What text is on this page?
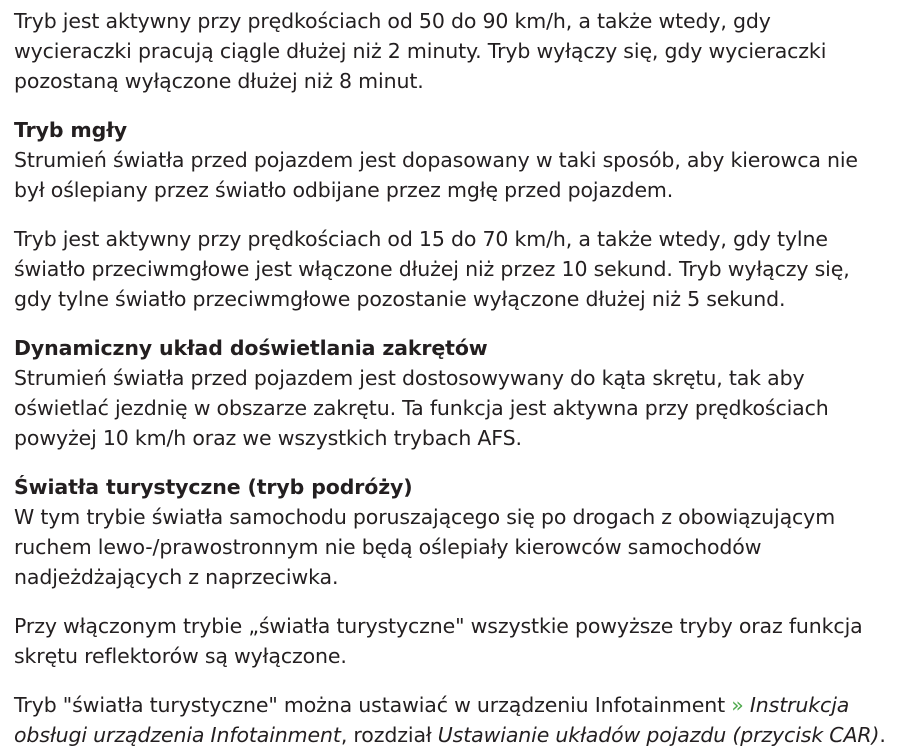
Tryb jest aktywny przy prędkościach od 50 do 90 km/h, a także wtedy, gdy wycieraczki pracują ciągle dłużej niż 2 minuty. Tryb wyłączy się, gdy wycieraczki pozostaną wyłączone dłużej niż 8 minut.

Tryb mgły

Strumień światła przed pojazdem jest dopasowany w taki sposób, aby kierowca nie był oślepiany przez światło odbijane przez mgłę przed pojazdem.

Tryb jest aktywny przy prędkościach od 15 do 70 km/h, a także wtedy, gdy tylne światło przeciwmgłowe jest włączone dłużej niż przez 10 sekund. Tryb wyłączy się, gdy tylne światło przeciwmgłowe pozostanie wyłączone dłużej niż 5 sekund.

Dynamiczny układ doświetlania zakrętów

Strumień światła przed pojazdem jest dostosowywany do kąta skrętu, tak aby oświetlać jezdnię w obszarze zakrętu. Ta funkcja jest aktywna przy prędkościach powyżej 10 km/h oraz we wszystkich trybach AFS.

Światła turystyczne (tryb podróży)

W tym trybie światła samochodu poruszającego się po drogach z obowiązującym ruchem lewo-/prawostronnym nie będą oślepiały kierowców samochodów nadjeżdżających z naprzeciwka.

Przy włączonym trybie „światła turystyczne" wszystkie powyższe tryby oraz funkcja skrętu reflektorów są wyłączone.

Tryb "światła turystyczne" można ustawiać w urządzeniu Infotainment » Instrukcja obsługi urządzenia Infotainment, rozdział Ustawianie układów pojazdu (przycisk CAR).
